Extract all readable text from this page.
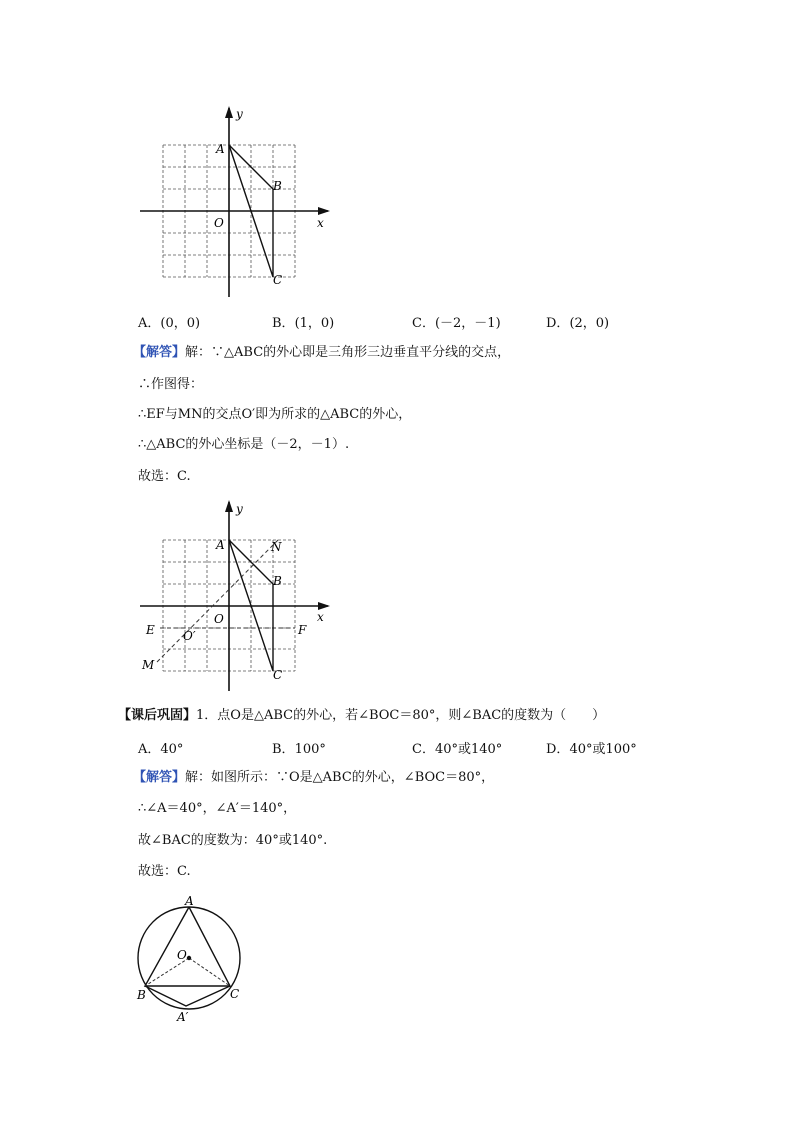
y
x
O
A
B
C
A．(0，0)	B．(1，0)	C．(－2，－1)	D．(2，0)
【解答】解：∵△ABC的外心即是三角形三边垂直平分线的交点，
∴作图得：
∴EF与MN的交点O′即为所求的△ABC的外心，
∴△ABC的外心坐标是（－2，－1）.
故选：C.
y
x
O
A	N
B
C
E	F
M
O′
【课后巩固】1．点O是△ABC的外心，若∠BOC＝80°，则∠BAC的度数为（　　）
A．40°	B．100°	C．40°或140°	D．40°或100°
【解答】解：如图所示：∵O是△ABC的外心，∠BOC＝80°，
∴∠A＝40°，∠A′＝140°，
故∠BAC的度数为：40°或140°.
故选：C.
A
O
B	C
A′
